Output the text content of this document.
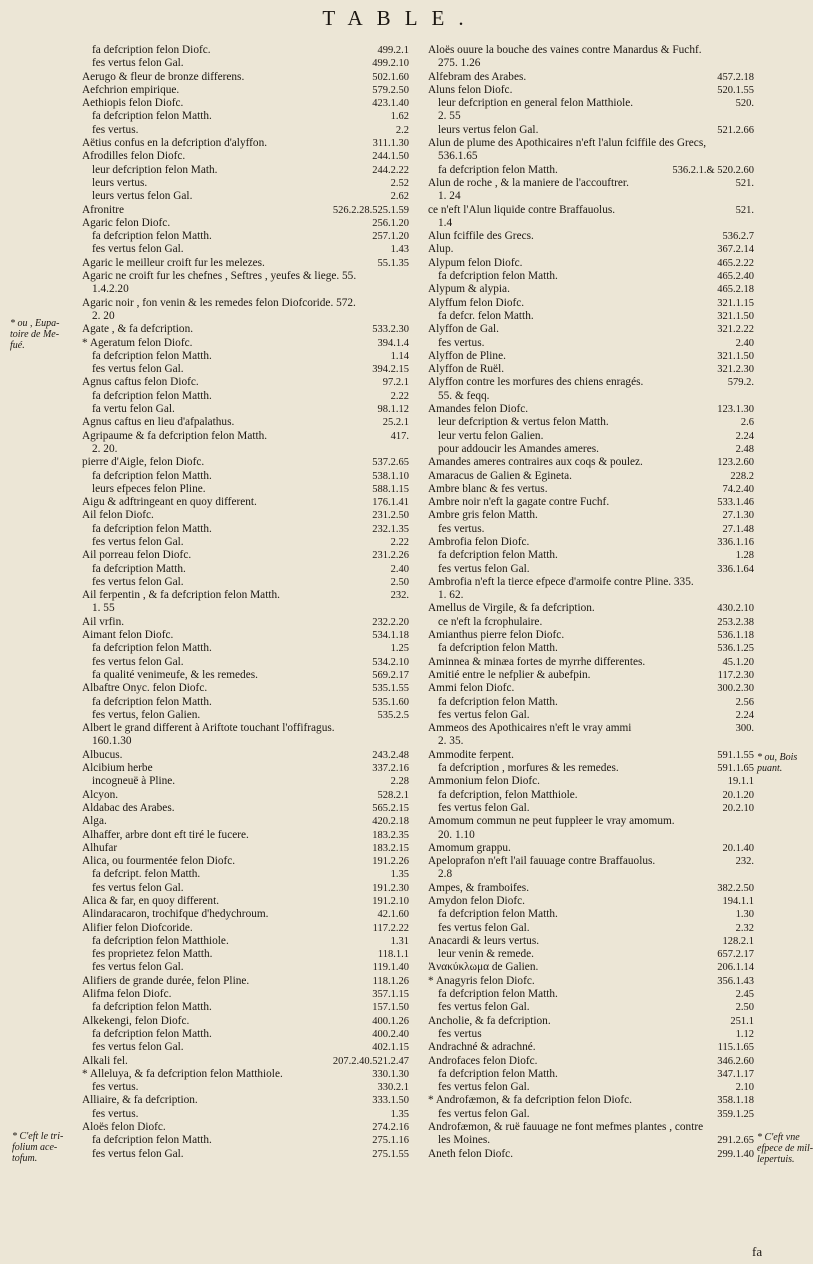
TABLE.
fa defcription felon Diofc.	499.2.1
fes vertus felon Gal.	499.2.10
Aerugo & fleur de bronze differens.	502.1.60
Aefchrion empirique.	579.2.50
Aethiopis felon Diofc.	423.1.40
fa defcription felon Matth.	1.62
fes vertus.	2.2
Aëtius confus en la defcription d'alyffon.	311.1.30
Afrodilles felon Diofc.	244.1.50
leur defcription felon Math.	244.2.22
leurs vertus.	2.52
leurs vertus felon Gal.	2.62
Afronitre	526.2.28.525.1.59
Agaric felon Diofc.	256.1.20
fa defcription felon Matth.	257.1.20
fes vertus felon Gal.	1.43
Agaric le meilleur croift fur les melezes.	55.1.35
Agaric ne croift fur les chefnes , Seftres , yeufes & liege. 55.
1.4.2.20
Agaric noir , fon venin & les remedes felon Diofcoride. 572.
2. 20
Agate , & fa defcription.	533.2.30
* Ageratum felon Diofc.	394.1.4
fa defcription felon Matth.	1.14
fes vertus felon Gal.	394.2.15
Agnus caftus felon Diofc.	97.2.1
fa defcription felon Matth.	2.22
fa vertu felon Gal.	98.1.12
Agnus caftus en lieu d'afpalathus.	25.2.1
Agripaume & fa defcription felon Matth.	417.
2. 20.
pierre d'Aigle, felon Diofc.	537.2.65
fa defcription felon Matth.	538.1.10
leurs efpeces felon Pline.	588.1.15
Aigu & adftringeant en quoy different.	176.1.41
Ail felon Diofc.	231.2.50
fa defcription felon Matth.	232.1.35
fes vertus felon Gal.	2.22
Ail porreau felon Diofc.	231.2.26
fa defcription Matth.	2.40
fes vertus felon Gal.	2.50
Ail ferpentin , & fa defcription felon Matth.	232.
1. 55
Ail vrfin.	232.2.20
Aimant felon Diofc.	534.1.18
fa defcription felon Matth.	1.25
fes vertus felon Gal.	534.2.10
fa qualité venimeufe, & les remedes.	569.2.17
Albaftre Onyc. felon Diofc.	535.1.55
fa defcription felon Matth.	535.1.60
fes vertus, felon Galien.	535.2.5
Albert le grand different à Ariftote touchant l'offifragus.
160.1.30
Albucus.	243.2.48
Alcibium herbe	337.2.16
incogneuë à Pline.	2.28
Alcyon.	528.2.1
Aldabac des Arabes.	565.2.15
Alga.	420.2.18
Alhaffer, arbre dont eft tiré le fucere.	183.2.35
Alhufar	183.2.15
Alica, ou fourmentée felon Diofc.	191.2.26
fa defcript. felon Matth.	1.35
fes vertus felon Gal.	191.2.30
Alica & far, en quoy different.	191.2.10
Alindaracaron, trochifque d'hedychroum.	42.1.60
Alifier felon Diofcoride.	117.2.22
fa defcription felon Matthiole.	1.31
fes proprietez felon Matth.	118.1.1
fes vertus felon Gal.	119.1.40
Alifiers de grande durée, felon Pline.	118.1.26
Alifma felon Diofc.	357.1.15
fa defcription felon Matth.	157.1.50
Alkekengi, felon Diofc.	400.1.26
fa defcription felon Matth.	400.2.40
fes vertus felon Gal.	402.1.15
Alkali fel.	207.2.40.521.2.47
* Alleluya, & fa defcription felon Matthiole.	330.1.30
fes vertus.	330.2.1
Alliaire, & fa defcription.	333.1.50
fes vertus.	1.35
Aloës felon Diofc.	274.2.16
fa defcription felon Matth.	275.1.16
fes vertus felon Gal.	275.1.55
Aloës ouure la bouche des vaines contre Manardus & Fuchf.
275. 1.26
Alfebram des Arabes.	457.2.18
Aluns felon Diofc.	520.1.55
leur defcription en general felon Matthiole.	520.
2. 55
leurs vertus felon Gal.	521.2.66
Alun de plume des Apothicaires n'eft l'alun fciffile des Grecs,
536.1.65
fa defcription felon Matth.	536.2.1.& 520.2.60
Alun de roche , & la maniere de l'accouftrer.	521.
1. 24
ce n'eft l'Alun liquide contre Braffauolus.	521.
1.4
Alun fciffile des Grecs.	536.2.7
Alup.	367.2.14
Alypum felon Diofc.	465.2.22
fa defcription felon Matth.	465.2.40
Alypum & alypia.	465.2.18
Alyffum felon Diofc.	321.1.15
fa defcr. felon Matth.	321.1.50
Alyffon de Gal.	321.2.22
fes vertus.	2.40
Alyffon de Pline.	321.1.50
Alyffon de Ruël.	321.2.30
Alyffon contre les morfures des chiens enragés.	579.2.
55. & feqq.
Amandes felon Diofc.	123.1.30
leur defcription & vertus felon Matth.	2.6
leur vertu felon Galien.	2.24
pour addoucir les Amandes ameres.	2.48
Amandes ameres contraires aux coqs & poulez.	123.2.60
Amaracus de Galien & Egineta.	228.2
Ambre blanc & fes vertus.	74.2.40
Ambre noir n'eft la gagate contre Fuchf.	533.1.46
Ambre gris felon Matth.	27.1.30
fes vertus.	27.1.48
Ambrofia felon Diofc.	336.1.16
fa defcription felon Matth.	1.28
fes vertus felon Gal.	336.1.64
Ambrofia n'eft la tierce efpece d'armoife contre Pline. 335.
1. 62.
Amellus de Virgile, & fa defcription.	430.2.10
ce n'eft la fcrophulaire.	253.2.38
Amianthus pierre felon Diofc.	536.1.18
fa defcription felon Matth.	536.1.25
Aminnea & minæa fortes de myrrhe differentes.	45.1.20
Amitié entre le nefplier & aubefpin.	117.2.30
Ammi felon Diofc.	300.2.30
fa defcription felon Matth.	2.56
fes vertus felon Gal.	2.24
Ammeos des Apothicaires n'eft le vray ammi	300.
2. 35.
Ammodite ferpent.	591.1.55
fa defcription , morfures & les remedes.	591.1.65
Ammonium felon Diofc.	19.1.1
fa defcription, felon Matthiole.	20.1.20
fes vertus felon Gal.	20.2.10
Amomum commun ne peut fuppleer le vray amomum.
20. 1.10
Amomum grappu.	20.1.40
Apeloprafon n'eft l'ail fauuage contre Braffauolus.	232.
2.8
Ampes, & framboifes.	382.2.50
Amydon felon Diofc.	194.1.1
fa defcription felon Matth.	1.30
fes vertus felon Gal.	2.32
Anacardi & leurs vertus.	128.2.1
leur venin & remede.	657.2.17
Ἀνακύκλωμα de Galien.	206.1.14
* Anagyris felon Diofc.	356.1.43
fa defcription felon Matth.	2.45
fes vertus felon Gal.	2.50
Ancholie, & fa defcription.	251.1
fes vertus	1.12
Andrachné & adrachné.	115.1.65
Androfaces felon Diofc.	346.2.60
fa defcription felon Matth.	347.1.17
fes vertus felon Gal.	2.10
* Androfæmon, & fa defcription felon Diofc.	358.1.18
fes vertus felon Gal.	359.1.25
Androfæmon, & ruë fauuage ne font mefmes plantes , contre
les Moines.	291.2.65
Aneth felon Diofc.	299.1.40
* ou , Eupa-
toire de Me-
fué.
* C'eft le tri-
folium ace-
tofum.
* ou, Bois
puant.
* C'eft vne
efpece de mil-
lepertuis.
fa
